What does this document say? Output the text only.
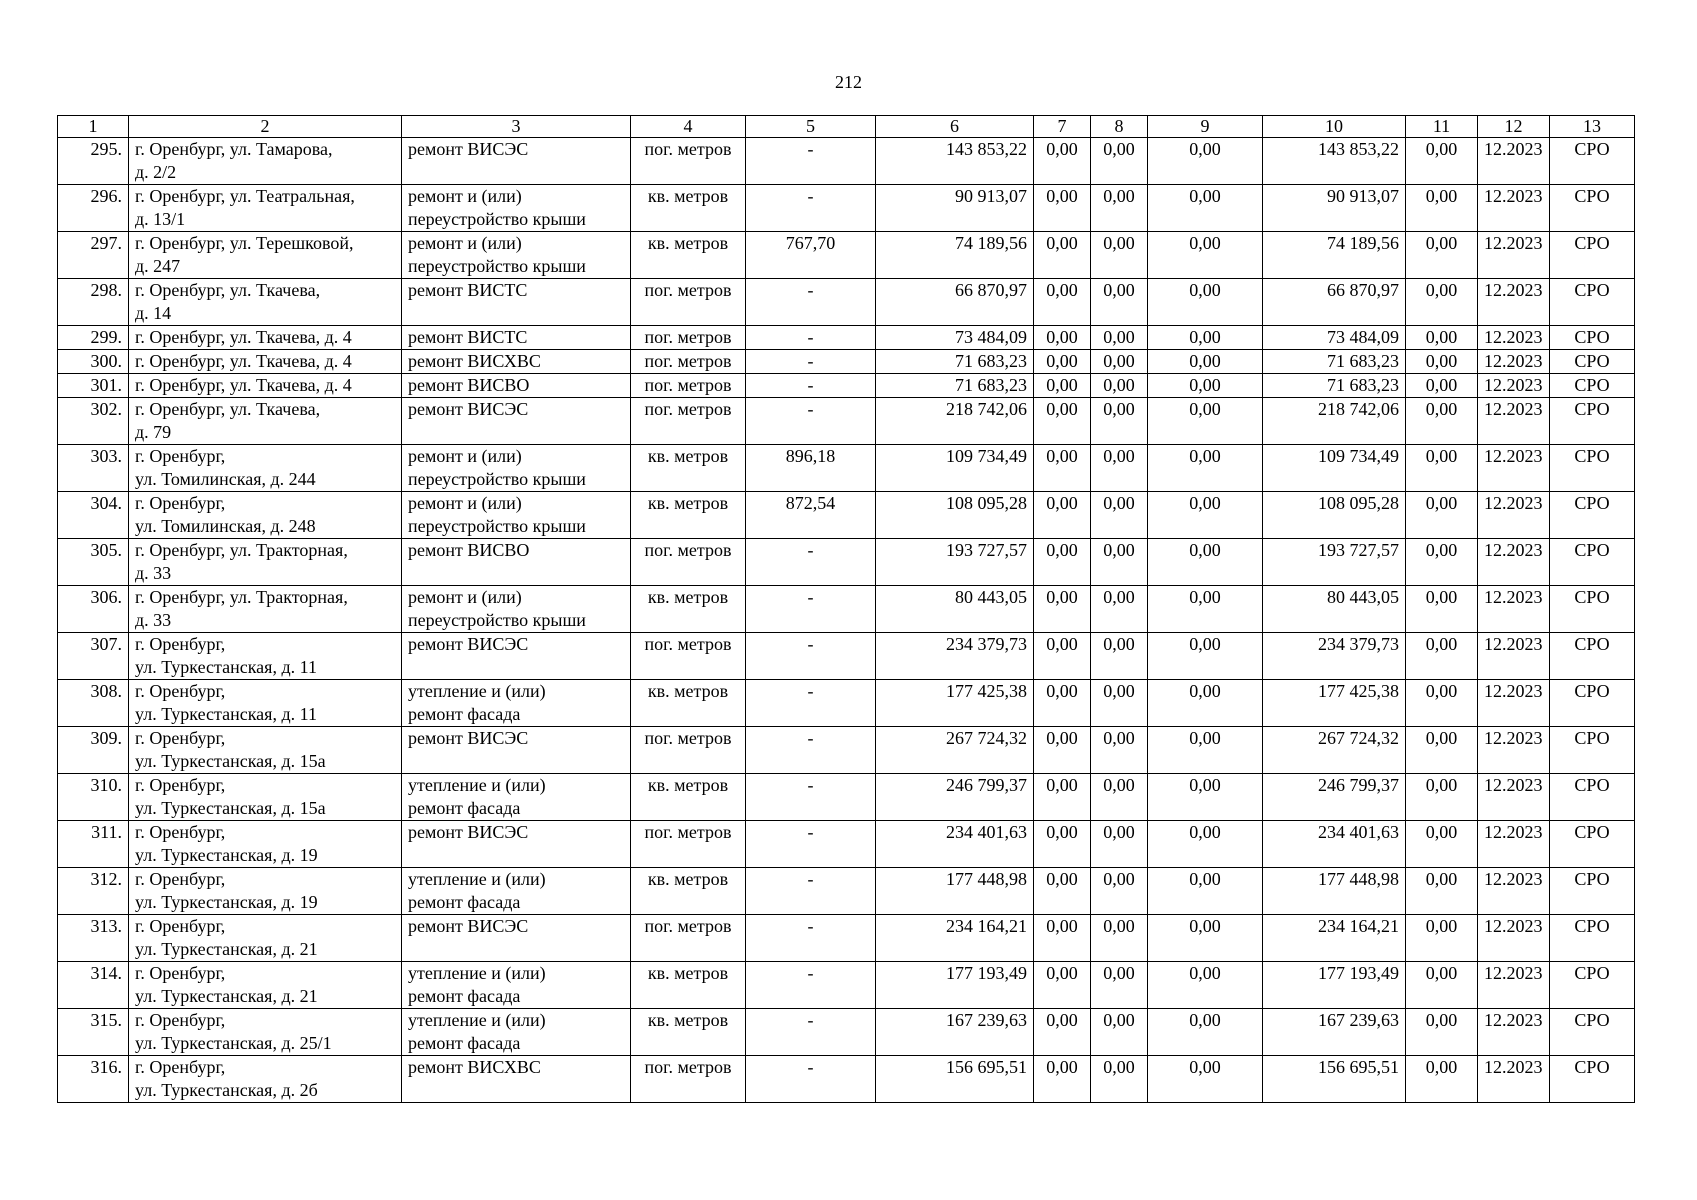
212
1	2	3	4	5	6	7	8	9	10	11	12	13
295.	г. Оренбург, ул. Тамарова,
д. 2/2	ремонт ВИСЭС	пог. метров	-	143 853,22	0,00	0,00	0,00	143 853,22	0,00	12.2023	СРО
296.	г. Оренбург, ул. Театральная,
д. 13/1	ремонт и (или)
переустройство крыши	кв. метров	-	90 913,07	0,00	0,00	0,00	90 913,07	0,00	12.2023	СРО
297.	г. Оренбург, ул. Терешковой,
д. 247	ремонт и (или)
переустройство крыши	кв. метров	767,70	74 189,56	0,00	0,00	0,00	74 189,56	0,00	12.2023	СРО
298.	г. Оренбург, ул. Ткачева,
д. 14	ремонт ВИСТС	пог. метров	-	66 870,97	0,00	0,00	0,00	66 870,97	0,00	12.2023	СРО
299.	г. Оренбург, ул. Ткачева, д. 4	ремонт ВИСТС	пог. метров	-	73 484,09	0,00	0,00	0,00	73 484,09	0,00	12.2023	СРО
300.	г. Оренбург, ул. Ткачева, д. 4	ремонт ВИСХВС	пог. метров	-	71 683,23	0,00	0,00	0,00	71 683,23	0,00	12.2023	СРО
301.	г. Оренбург, ул. Ткачева, д. 4	ремонт ВИСВО	пог. метров	-	71 683,23	0,00	0,00	0,00	71 683,23	0,00	12.2023	СРО
302.	г. Оренбург, ул. Ткачева,
д. 79	ремонт ВИСЭС	пог. метров	-	218 742,06	0,00	0,00	0,00	218 742,06	0,00	12.2023	СРО
303.	г. Оренбург,
ул. Томилинская, д. 244	ремонт и (или)
переустройство крыши	кв. метров	896,18	109 734,49	0,00	0,00	0,00	109 734,49	0,00	12.2023	СРО
304.	г. Оренбург,
ул. Томилинская, д. 248	ремонт и (или)
переустройство крыши	кв. метров	872,54	108 095,28	0,00	0,00	0,00	108 095,28	0,00	12.2023	СРО
305.	г. Оренбург, ул. Тракторная,
д. 33	ремонт ВИСВО	пог. метров	-	193 727,57	0,00	0,00	0,00	193 727,57	0,00	12.2023	СРО
306.	г. Оренбург, ул. Тракторная,
д. 33	ремонт и (или)
переустройство крыши	кв. метров	-	80 443,05	0,00	0,00	0,00	80 443,05	0,00	12.2023	СРО
307.	г. Оренбург,
ул. Туркестанская, д. 11	ремонт ВИСЭС	пог. метров	-	234 379,73	0,00	0,00	0,00	234 379,73	0,00	12.2023	СРО
308.	г. Оренбург,
ул. Туркестанская, д. 11	утепление и (или)
ремонт фасада	кв. метров	-	177 425,38	0,00	0,00	0,00	177 425,38	0,00	12.2023	СРО
309.	г. Оренбург,
ул. Туркестанская, д. 15а	ремонт ВИСЭС	пог. метров	-	267 724,32	0,00	0,00	0,00	267 724,32	0,00	12.2023	СРО
310.	г. Оренбург,
ул. Туркестанская, д. 15а	утепление и (или)
ремонт фасада	кв. метров	-	246 799,37	0,00	0,00	0,00	246 799,37	0,00	12.2023	СРО
311.	г. Оренбург,
ул. Туркестанская, д. 19	ремонт ВИСЭС	пог. метров	-	234 401,63	0,00	0,00	0,00	234 401,63	0,00	12.2023	СРО
312.	г. Оренбург,
ул. Туркестанская, д. 19	утепление и (или)
ремонт фасада	кв. метров	-	177 448,98	0,00	0,00	0,00	177 448,98	0,00	12.2023	СРО
313.	г. Оренбург,
ул. Туркестанская, д. 21	ремонт ВИСЭС	пог. метров	-	234 164,21	0,00	0,00	0,00	234 164,21	0,00	12.2023	СРО
314.	г. Оренбург,
ул. Туркестанская, д. 21	утепление и (или)
ремонт фасада	кв. метров	-	177 193,49	0,00	0,00	0,00	177 193,49	0,00	12.2023	СРО
315.	г. Оренбург,
ул. Туркестанская, д. 25/1	утепление и (или)
ремонт фасада	кв. метров	-	167 239,63	0,00	0,00	0,00	167 239,63	0,00	12.2023	СРО
316.	г. Оренбург,
ул. Туркестанская, д. 2б	ремонт ВИСХВС	пог. метров	-	156 695,51	0,00	0,00	0,00	156 695,51	0,00	12.2023	СРО
